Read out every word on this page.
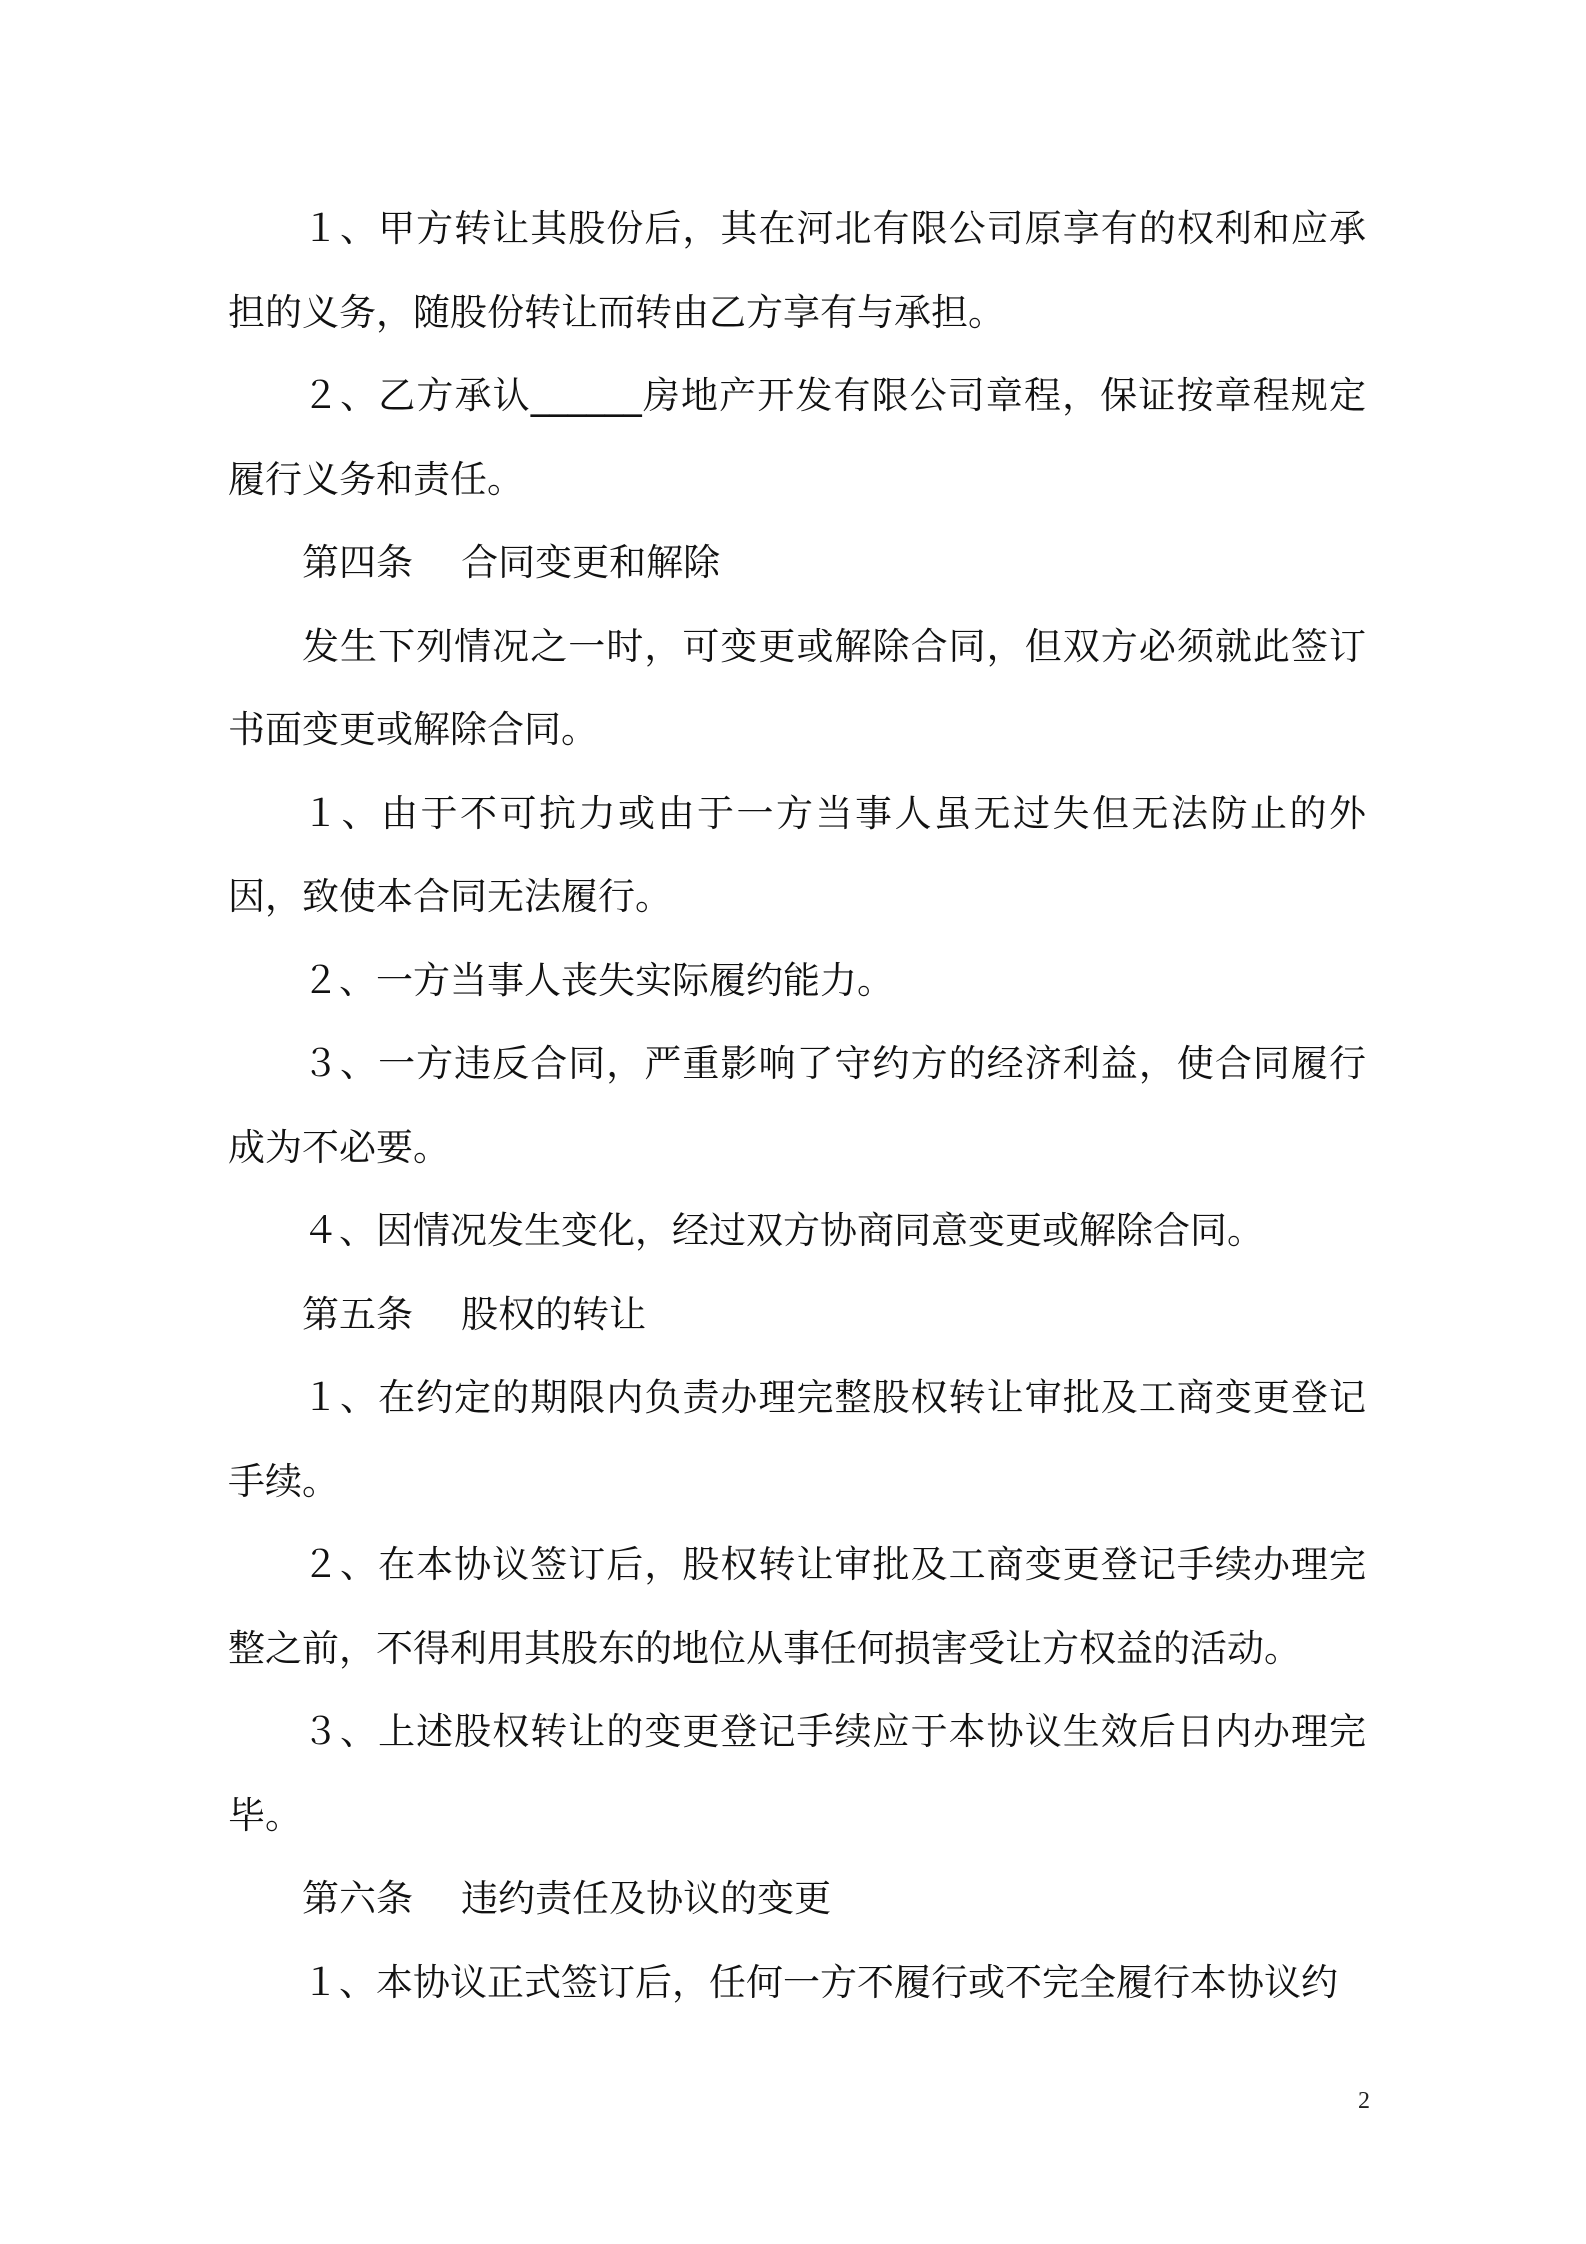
１、甲方转让其股份后，其在河北有限公司原享有的权利和应承担的义务，随股份转让而转由乙方享有与承担。

２、乙方承认______房地产开发有限公司章程，保证按章程规定履行义务和责任。

第四条 合同变更和解除

发生下列情况之一时，可变更或解除合同，但双方必须就此签订书面变更或解除合同。

１、由于不可抗力或由于一方当事人虽无过失但无法防止的外因，致使本合同无法履行。

２、一方当事人丧失实际履约能力。

３、一方违反合同，严重影响了守约方的经济利益，使合同履行成为不必要。

４、因情况发生变化，经过双方协商同意变更或解除合同。

第五条 股权的转让

１、在约定的期限内负责办理完整股权转让审批及工商变更登记手续。

２、在本协议签订后，股权转让审批及工商变更登记手续办理完整之前，不得利用其股东的地位从事任何损害受让方权益的活动。

３、上述股权转让的变更登记手续应于本协议生效后日内办理完毕。

第六条 违约责任及协议的变更

１、本协议正式签订后，任何一方不履行或不完全履行本协议约

2
